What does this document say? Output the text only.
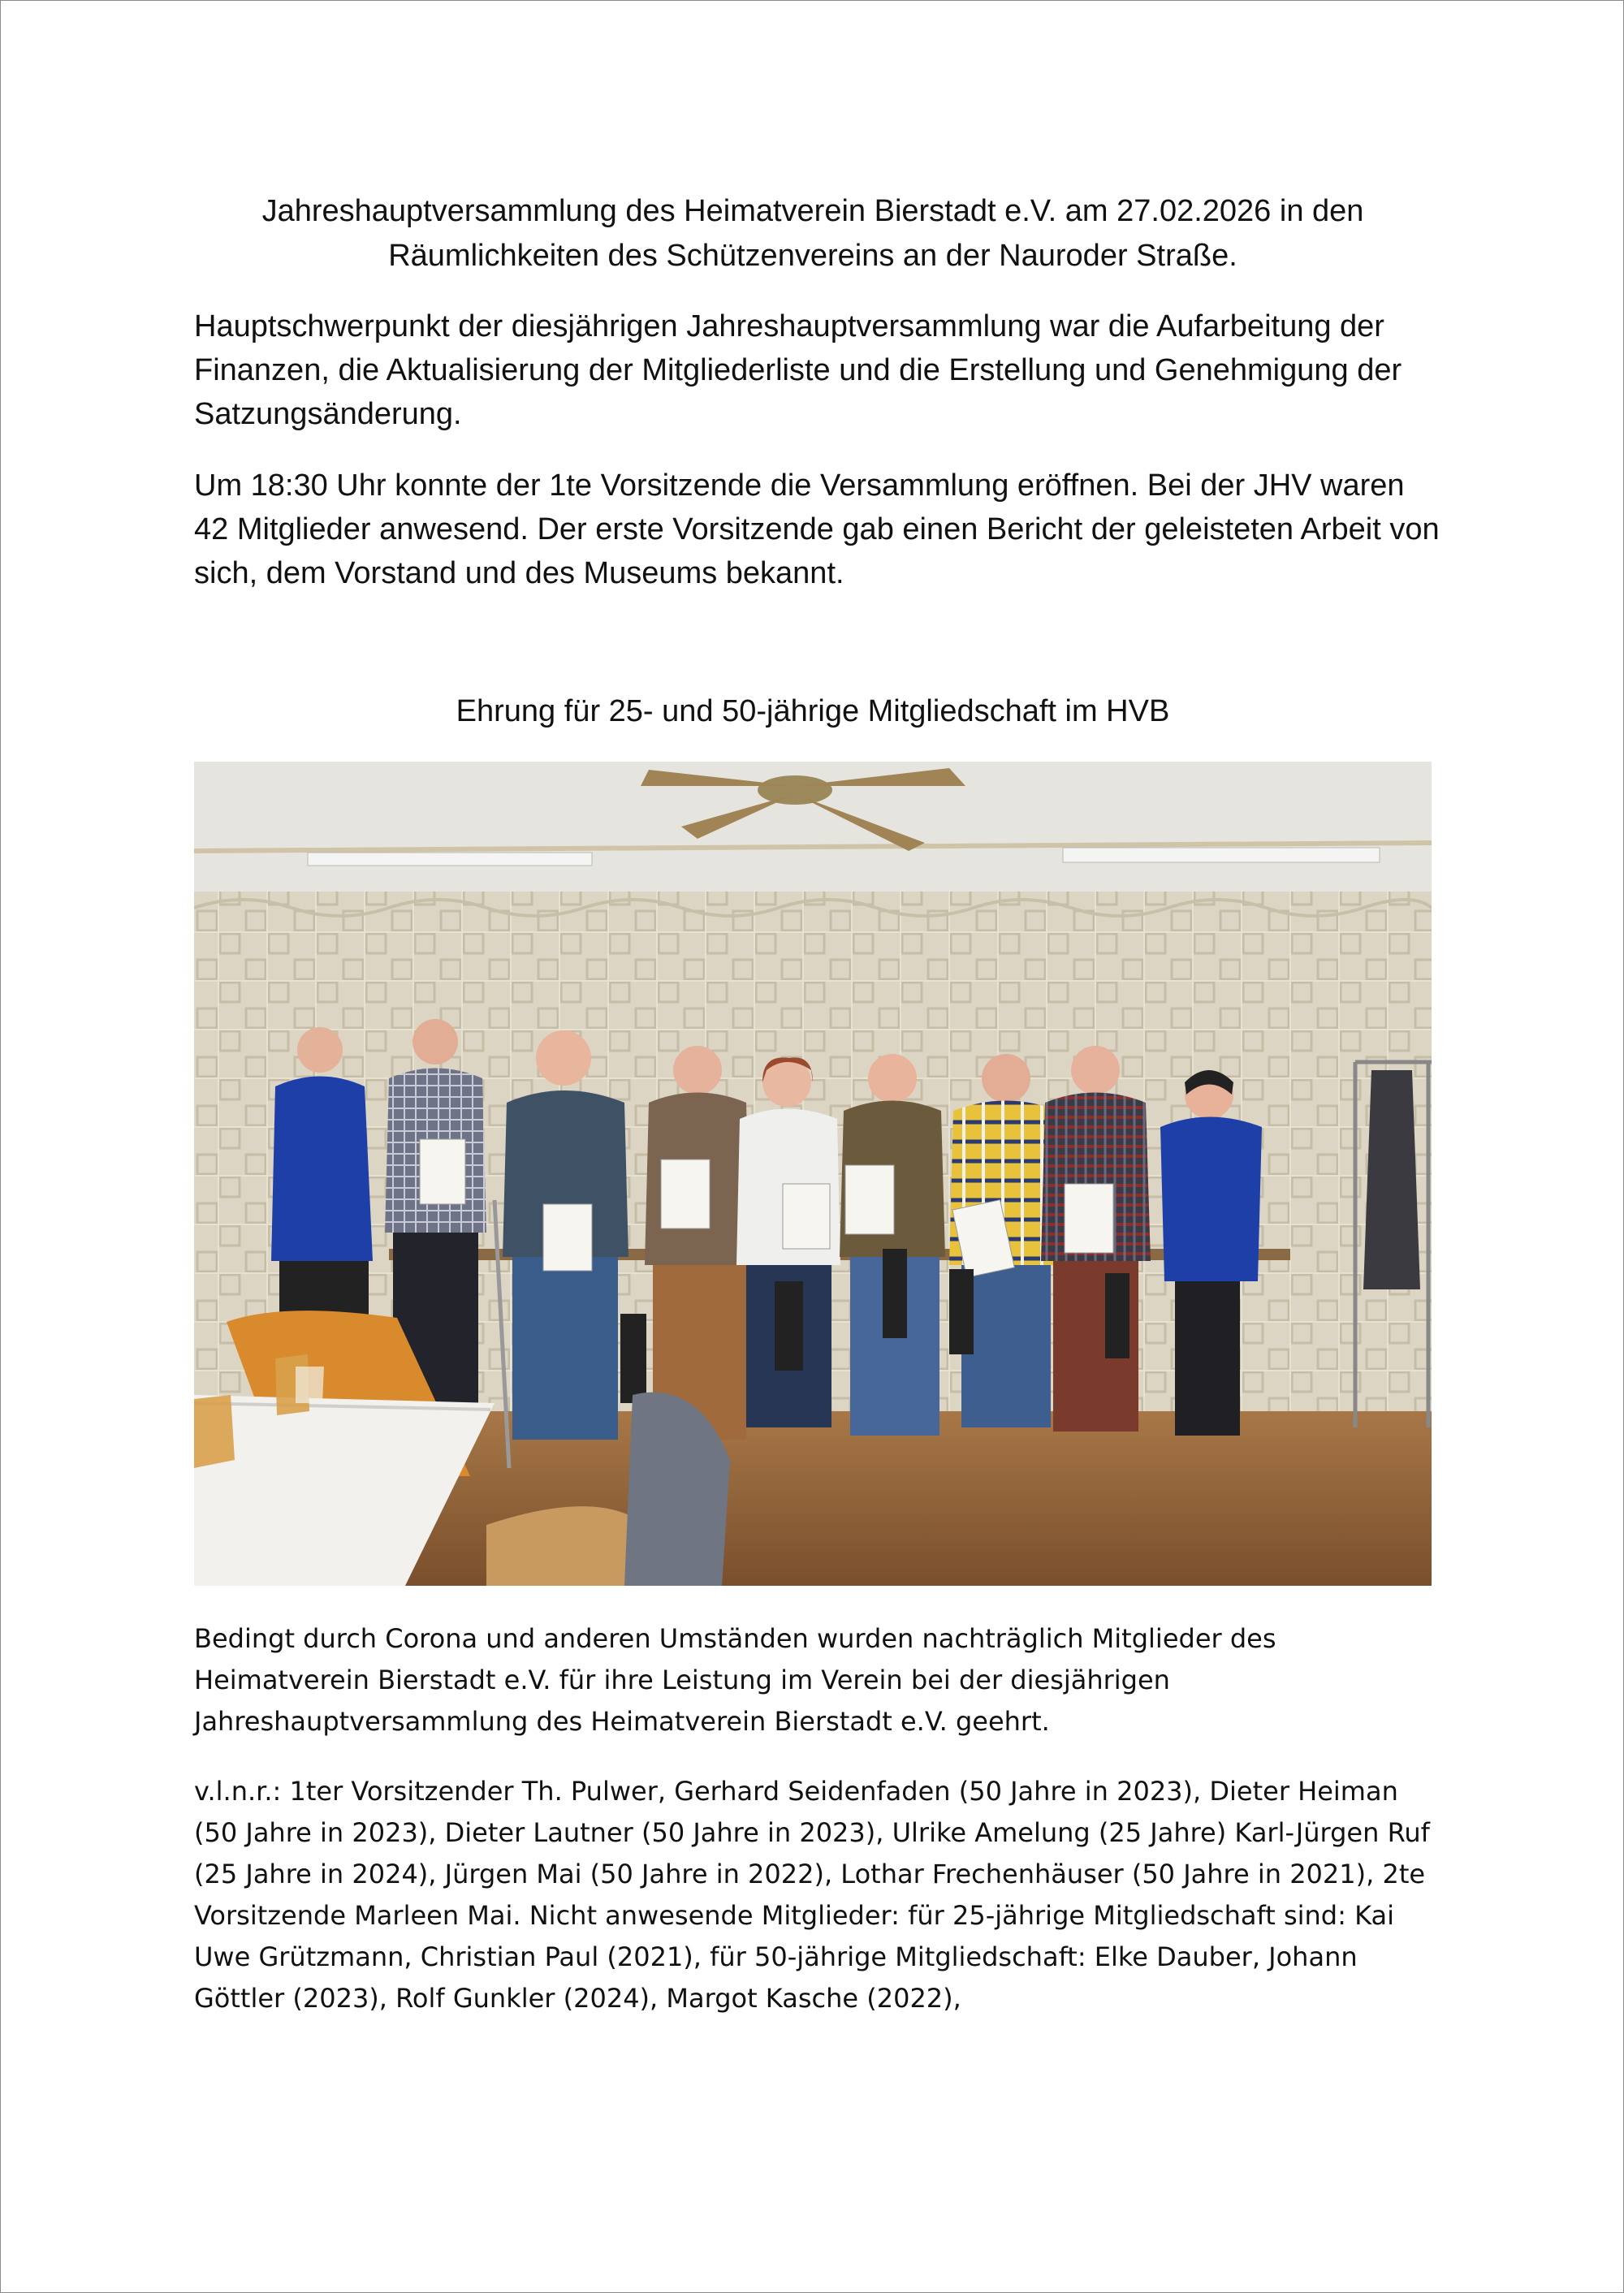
Jahreshauptversammlung des Heimatverein Bierstadt e.V. am 27.02.2026 in den
Räumlichkeiten des Schützenvereins an der Nauroder Straße.

Hauptschwerpunkt der diesjährigen Jahreshauptversammlung war die Aufarbeitung der Finanzen, die Aktualisierung der Mitgliederliste und die Erstellung und Genehmigung der Satzungsänderung.

Um 18:30 Uhr konnte der 1te Vorsitzende die Versammlung eröffnen. Bei der JHV waren 42 Mitglieder anwesend. Der erste Vorsitzende gab einen Bericht der geleisteten Arbeit von sich, dem Vorstand und des Museums bekannt.

Ehrung für 25- und 50-jährige Mitgliedschaft im HVB

Bedingt durch Corona und anderen Umständen wurden nachträglich Mitglieder des Heimatverein Bierstadt e.V. für ihre Leistung im Verein bei der diesjährigen Jahreshauptversammlung des Heimatverein Bierstadt e.V. geehrt.

v.l.n.r.: 1ter Vorsitzender Th. Pulwer, Gerhard Seidenfaden (50 Jahre in 2023), Dieter Heiman (50 Jahre in 2023), Dieter Lautner (50 Jahre in 2023), Ulrike Amelung (25 Jahre) Karl-Jürgen Ruf (25 Jahre in 2024), Jürgen Mai (50 Jahre in 2022), Lothar Frechenhäuser (50 Jahre in 2021), 2te Vorsitzende Marleen Mai. Nicht anwesende Mitglieder: für 25-jährige Mitgliedschaft sind: Kai Uwe Grützmann, Christian Paul (2021), für 50-jährige Mitgliedschaft: Elke Dauber, Johann Göttler (2023), Rolf Gunkler (2024), Margot Kasche (2022),
